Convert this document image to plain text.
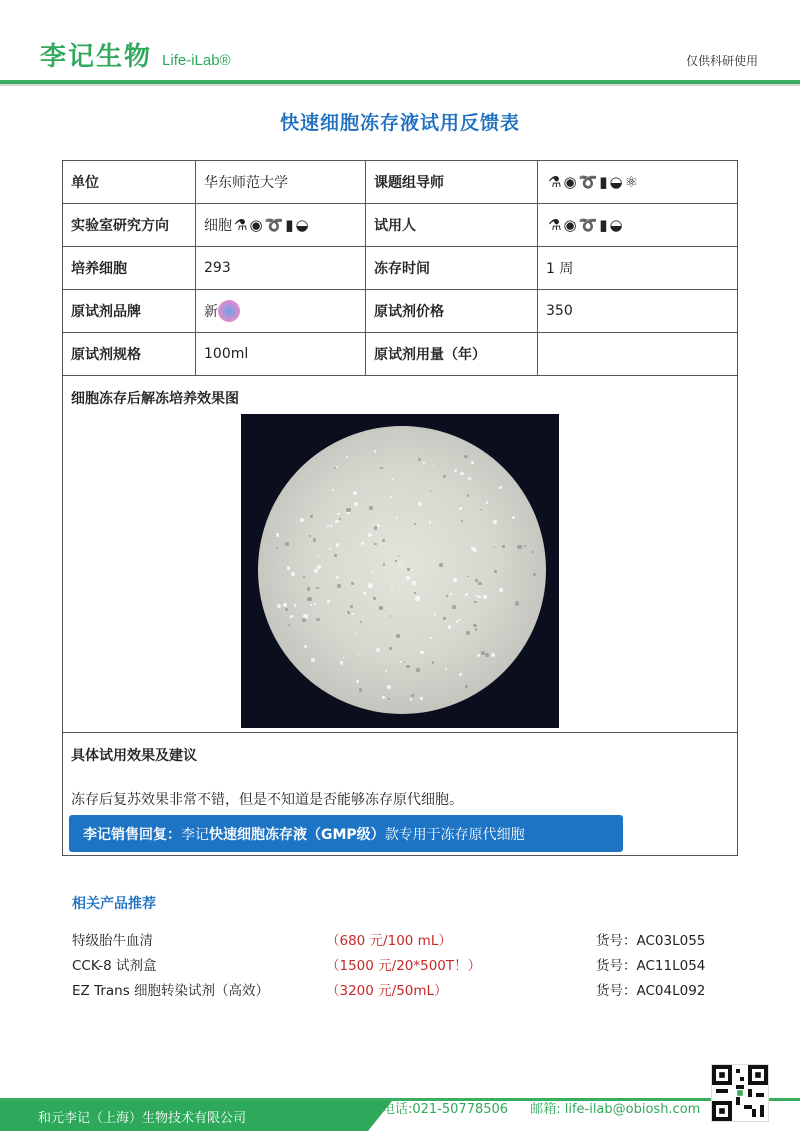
李记生物 Life-iLab®	仅供科研使用
快速细胞冻存液试用反馈表
单位	华东师范大学	课题组导师	⚗ ◉ ➰ ▮ ◒ ⚛
实验室研究方向	细胞 ⚗ ◉ ➰ ▮ ◒	试用人	⚗ ◉ ➰ ▮ ◒
培养细胞	293	冻存时间	1 周
原试剂品牌	新	原试剂价格	350
原试剂规格	100ml	原试剂用量（年）
细胞冻存后解冻培养效果图
具体试用效果及建议
冻存后复苏效果非常不错，但是不知道是否能够冻存原代细胞。
李记销售回复： 李记 快速细胞冻存液（GMP级） 款专用于冻存原代细胞
相关产品推荐
特级胎牛血清	（680 元/100 mL）	货号：AC03L055
CCK-8 试剂盒	（1500 元/20*500T！）	货号：AC11L054
EZ Trans 细胞转染试剂（高效）	（3200 元/50mL）	货号：AC04L092
和元李记（上海）生物技术有限公司
电话:021-50778506 邮箱: life-ilab@obiosh.com
